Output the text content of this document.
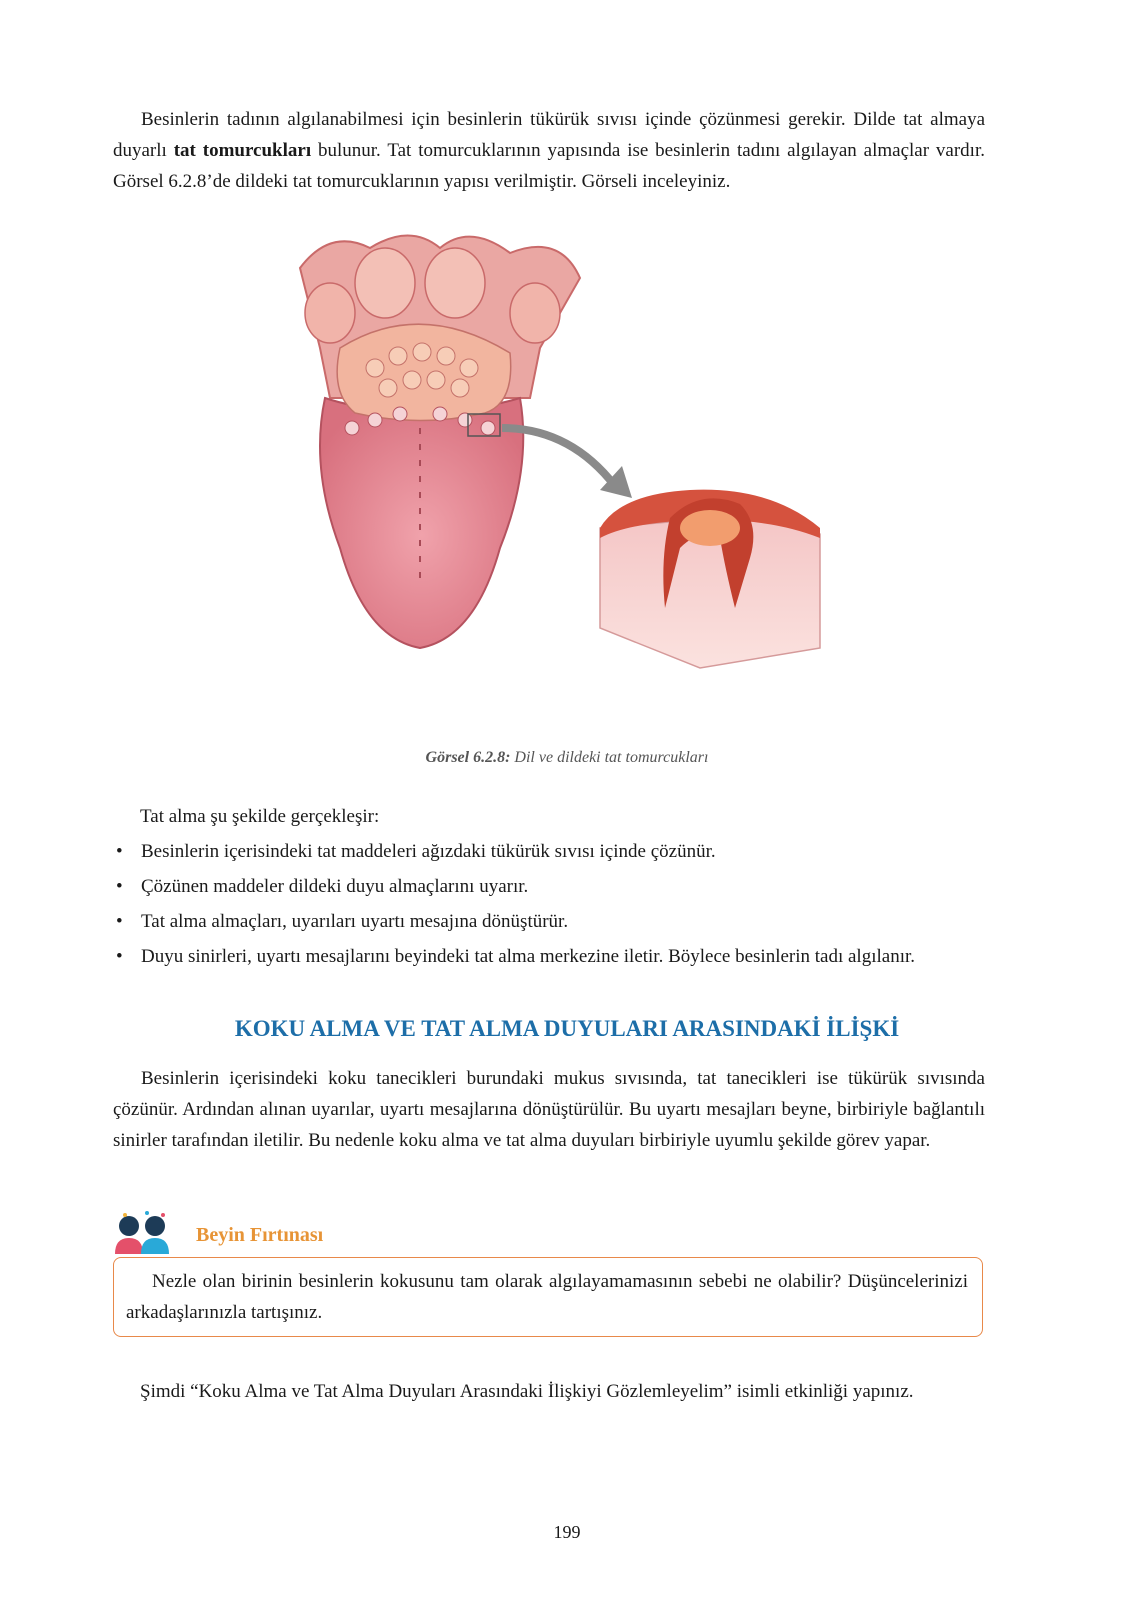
Besinlerin tadının algılanabilmesi için besinlerin tükürük sıvısı içinde çözünmesi gerekir. Dilde tat almaya duyarlı tat tomurcukları bulunur. Tat tomurcuklarının yapısında ise besinlerin tadını algılayan almaçlar vardır. Görsel 6.2.8’de dildeki tat tomurcuklarının yapısı verilmiştir. Görseli inceleyiniz.

Görsel 6.2.8: Dil ve dildeki tat tomurcukları
Tat alma şu şekilde gerçekleşir:
• Besinlerin içerisindeki tat maddeleri ağızdaki tükürük sıvısı içinde çözünür.
• Çözünen maddeler dildeki duyu almaçlarını uyarır.
• Tat alma almaçları, uyarıları uyartı mesajına dönüştürür.
• Duyu sinirleri, uyartı mesajlarını beyindeki tat alma merkezine iletir. Böylece besinlerin tadı algılanır.
KOKU ALMA VE TAT ALMA DUYULARI ARASINDAKİ İLİŞKİ

Besinlerin içerisindeki koku tanecikleri burundaki mukus sıvısında, tat tanecikleri ise tükürük sıvısında çözünür. Ardından alınan uyarılar, uyartı mesajlarına dönüştürülür. Bu uyartı mesajları beyne, birbiriyle bağlantılı sinirler tarafından iletilir. Bu nedenle koku alma ve tat alma duyuları birbiriyle uyumlu şekilde görev yapar.

Beyin Fırtınası

Nezle olan birinin besinlerin kokusunu tam olarak algılayamamasının sebebi ne olabilir? Düşüncelerinizi arkadaşlarınızla tartışınız.

Şimdi “Koku Alma ve Tat Alma Duyuları Arasındaki İlişkiyi Gözlemleyelim” isimli etkinliği yapınız.
199
